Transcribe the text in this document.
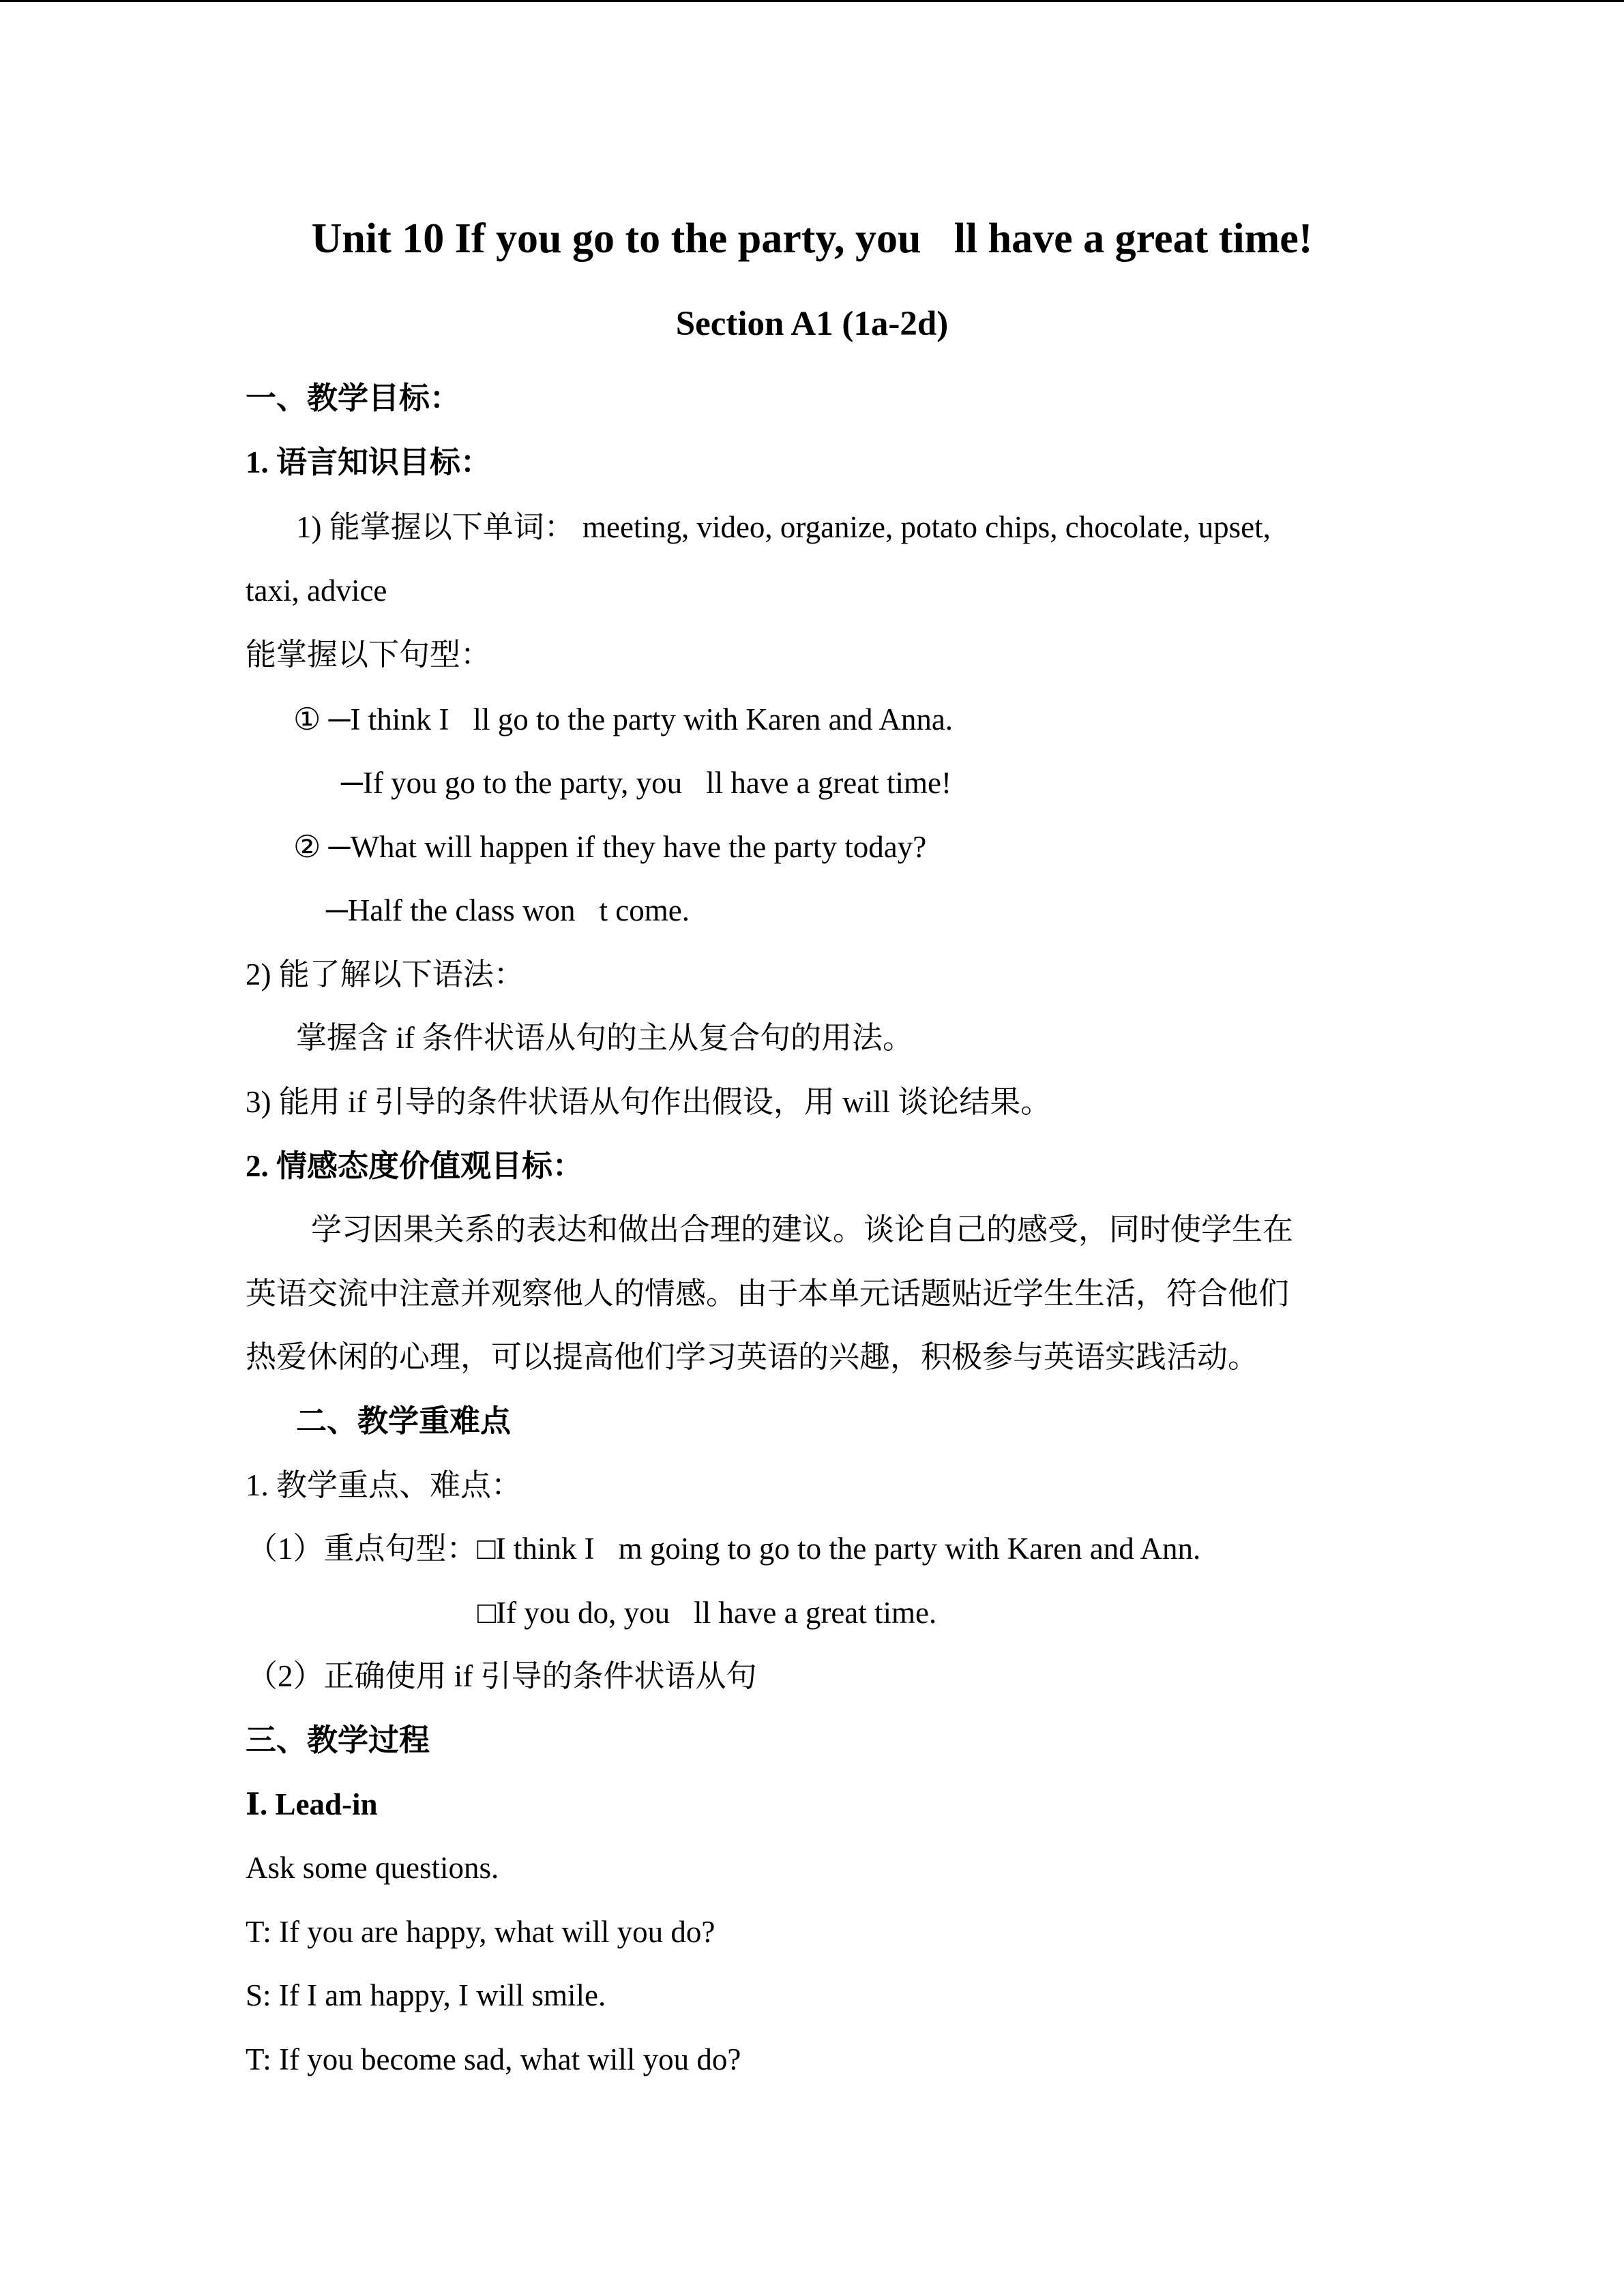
Unit 10 If you go to the party, you ll have a great time!
Section A1 (1a-2d)
一、教学目标：
1. 语言知识目标：
1) 能掌握以下单词： meeting, video, organize, potato chips, chocolate, upset,
taxi, advice
能掌握以下句型：
① ─I think I ll go to the party with Karen and Anna.
─If you go to the party, you ll have a great time!
② ─What will happen if they have the party today?
─Half the class won t come.
2) 能了解以下语法：
掌握含 if 条件状语从句的主从复合句的用法。
3) 能用 if 引导的条件状语从句作出假设，用 will 谈论结果。
2. 情感态度价值观目标：
学习因果关系的表达和做出合理的建议。谈论自己的感受，同时使学生在
英语交流中注意并观察他人的情感。由于本单元话题贴近学生生活，符合他们
热爱休闲的心理，可以提高他们学习英语的兴趣，积极参与英语实践活动。
二、教学重难点
1. 教学重点、难点：
（1）重点句型：□I think I m going to go to the party with Karen and Ann.
□If you do, you ll have a great time.
（2）正确使用 if 引导的条件状语从句
三、教学过程
Ⅰ. Lead-in
Ask some questions.
T: If you are happy, what will you do?
S: If I am happy, I will smile.
T: If you become sad, what will you do?
